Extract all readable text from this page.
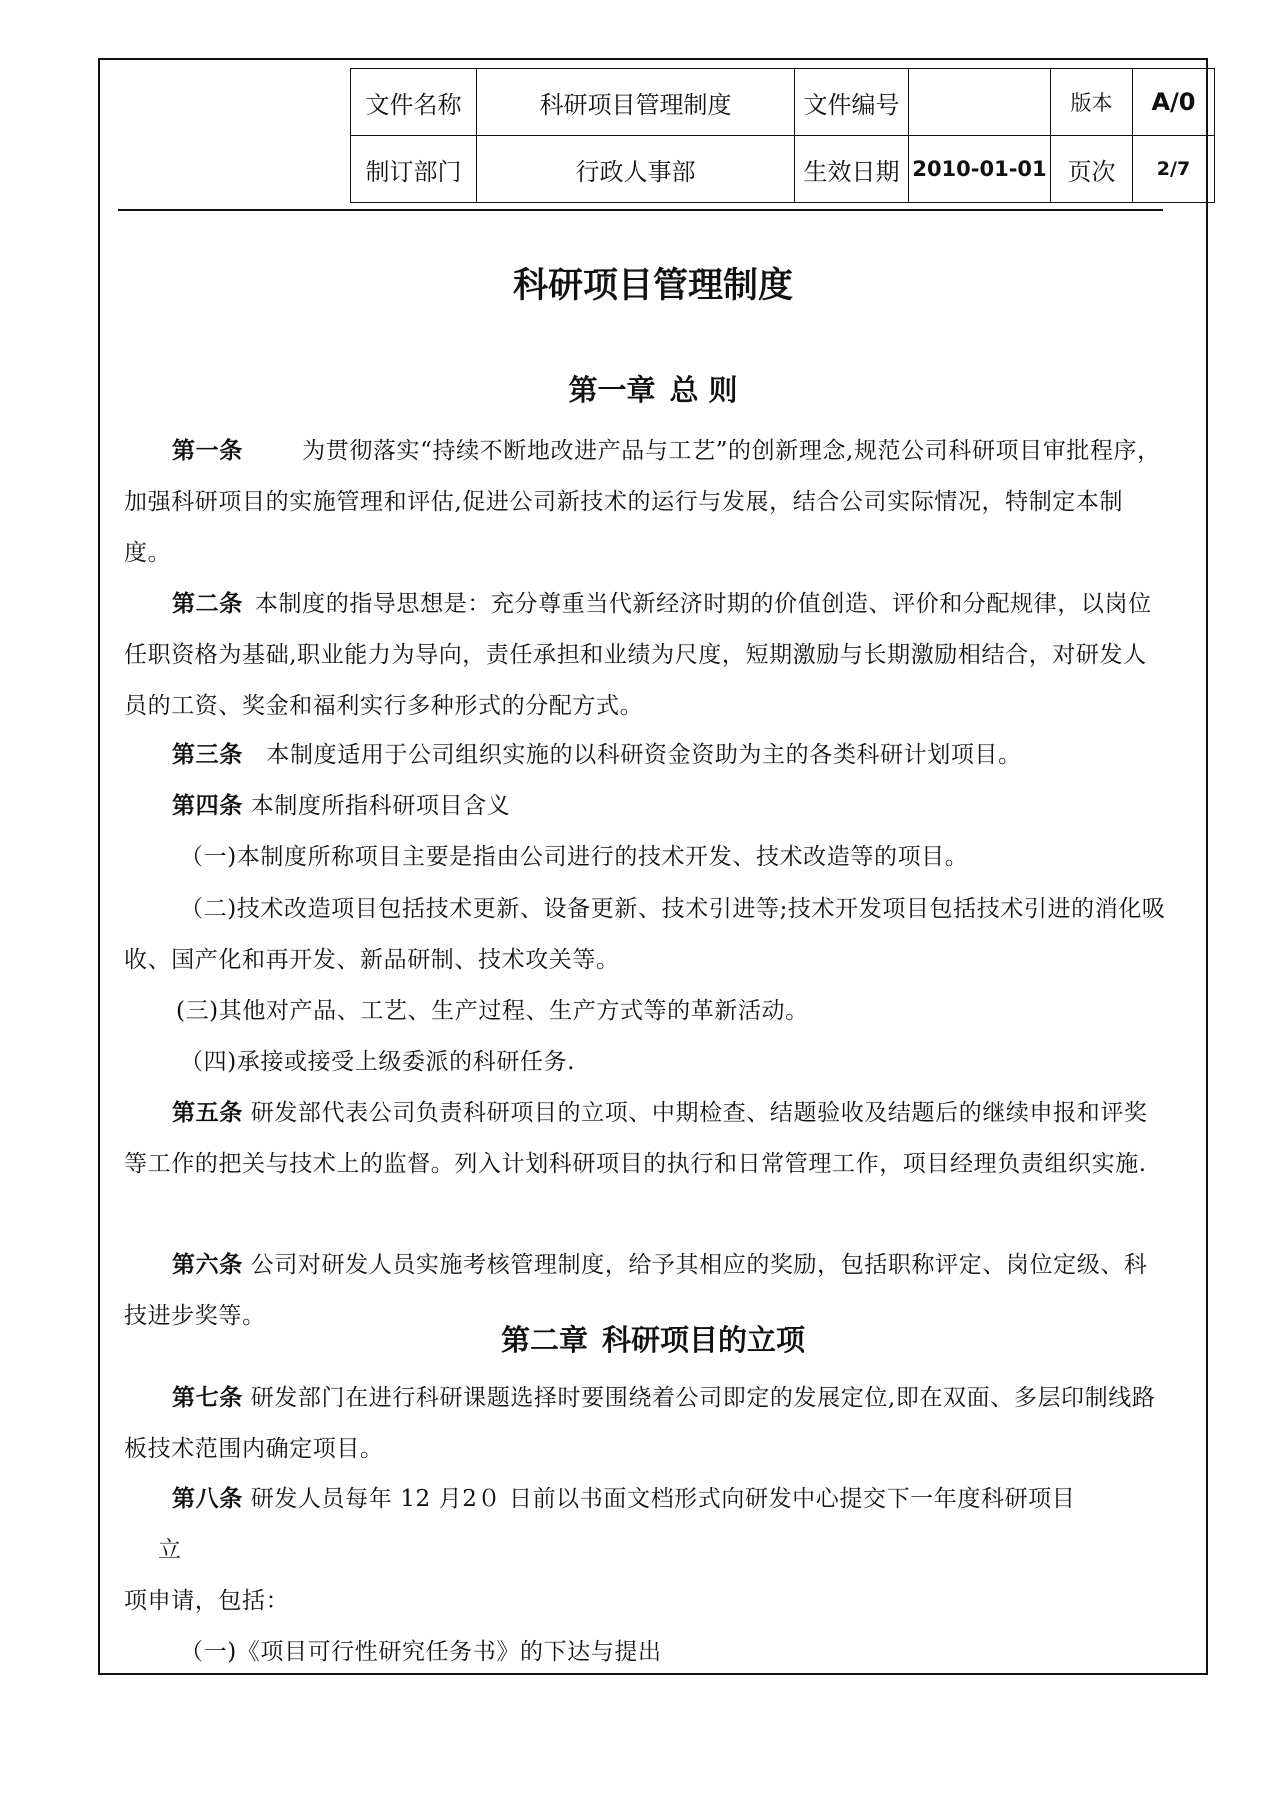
文件名称	科研项目管理制度	文件编号		版本	A/0
制订部门	行政人事部	生效日期	2010-01-01	页次	2/7
科研项目管理制度
第一章 总 则
第一条   	为贯彻落实“持续不断地改进产品与工艺”的创新理念,规范公司科研项目审批程序，加强科研项目的实施管理和评估,促进公司新技术的运行与发展，结合公司实际情况，特制定本制度。
第二条  本制度的指导思想是：充分尊重当代新经济时期的价值创造、评价和分配规律，以岗位任职资格为基础,职业能力为导向，责任承担和业绩为尺度，短期激励与长期激励相结合，对研发人员的工资、奖金和福利实行多种形式的分配方式。
第三条  本制度适用于公司组织实施的以科研资金资助为主的各类科研计划项目。
第四条 本制度所指科研项目含义
（一)本制度所称项目主要是指由公司进行的技术开发、技术改造等的项目。
（二)技术改造项目包括技术更新、设备更新、技术引进等;技术开发项目包括技术引进的消化吸收、国产化和再开发、新品研制、技术攻关等。
(三)其他对产品、工艺、生产过程、生产方式等的革新活动。
（四)承接或接受上级委派的科研任务.
第五条 研发部代表公司负责科研项目的立项、中期检查、结题验收及结题后的继续申报和评奖等工作的把关与技术上的监督。列入计划科研项目的执行和日常管理工作，项目经理负责组织实施.
第六条 公司对研发人员实施考核管理制度，给予其相应的奖励，包括职称评定、岗位定级、科技进步奖等。
第二章 科研项目的立项
第七条 研发部门在进行科研课题选择时要围绕着公司即定的发展定位,即在双面、多层印制线路板技术范围内确定项目。
第八条 研发人员每年 12 月2０ 日前以书面文档形式向研发中心提交下一年度科研项目
立
项申请，包括：
（一)《项目可行性研究任务书》的下达与提出
